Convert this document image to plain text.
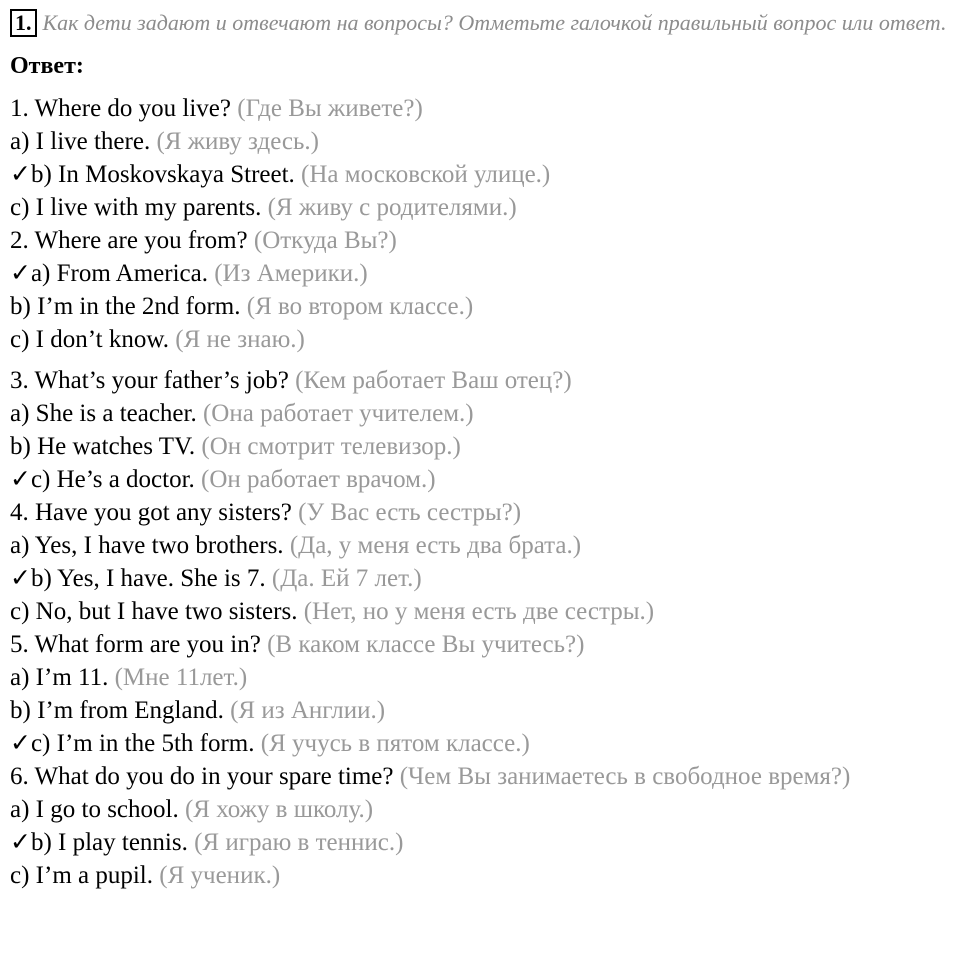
1. Как дети задают и отвечают на вопросы? Отметьте галочкой правильный вопрос или ответ.
Ответ:
1. Where do you live? (Где Вы живете?)
a) I live there. (Я живу здесь.)
✓b) In Moskovskaya Street. (На московской улице.)
c) I live with my parents. (Я живу с родителями.)
2. Where are you from? (Откуда Вы?)
✓a) From America. (Из Америки.)
b) I’m in the 2nd form. (Я во втором классе.)
c) I don’t know. (Я не знаю.)
3. What’s your father’s job? (Кем работает Ваш отец?)
a) She is a teacher. (Она работает учителем.)
b) He watches TV. (Он смотрит телевизор.)
✓c) He’s a doctor. (Он работает врачом.)
4. Have you got any sisters? (У Вас есть сестры?)
a) Yes, I have two brothers. (Да, у меня есть два брата.)
✓b) Yes, I have. She is 7. (Да. Ей 7 лет.)
c) No, but I have two sisters. (Нет, но у меня есть две сестры.)
5. What form are you in? (В каком классе Вы учитесь?)
a) I’m 11. (Мне 11лет.)
b) I’m from England. (Я из Англии.)
✓c) I’m in the 5th form. (Я учусь в пятом классе.)
6. What do you do in your spare time? (Чем Вы занимаетесь в свободное время?)
a) I go to school. (Я хожу в школу.)
✓b) I play tennis. (Я играю в теннис.)
c) I’m a pupil. (Я ученик.)
